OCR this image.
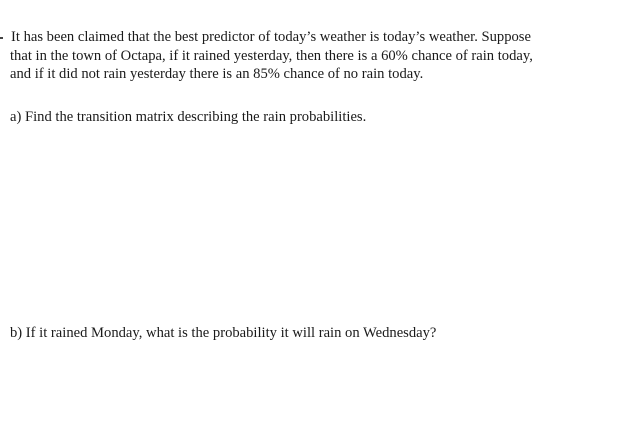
It has been claimed that the best predictor of today’s weather is today’s weather. Suppose
that in the town of Octapa, if it rained yesterday, then there is a 60% chance of rain today,
and if it did not rain yesterday there is an 85% chance of no rain today.

a) Find the transition matrix describing the rain probabilities.

b) If it rained Monday, what is the probability it will rain on Wednesday?
